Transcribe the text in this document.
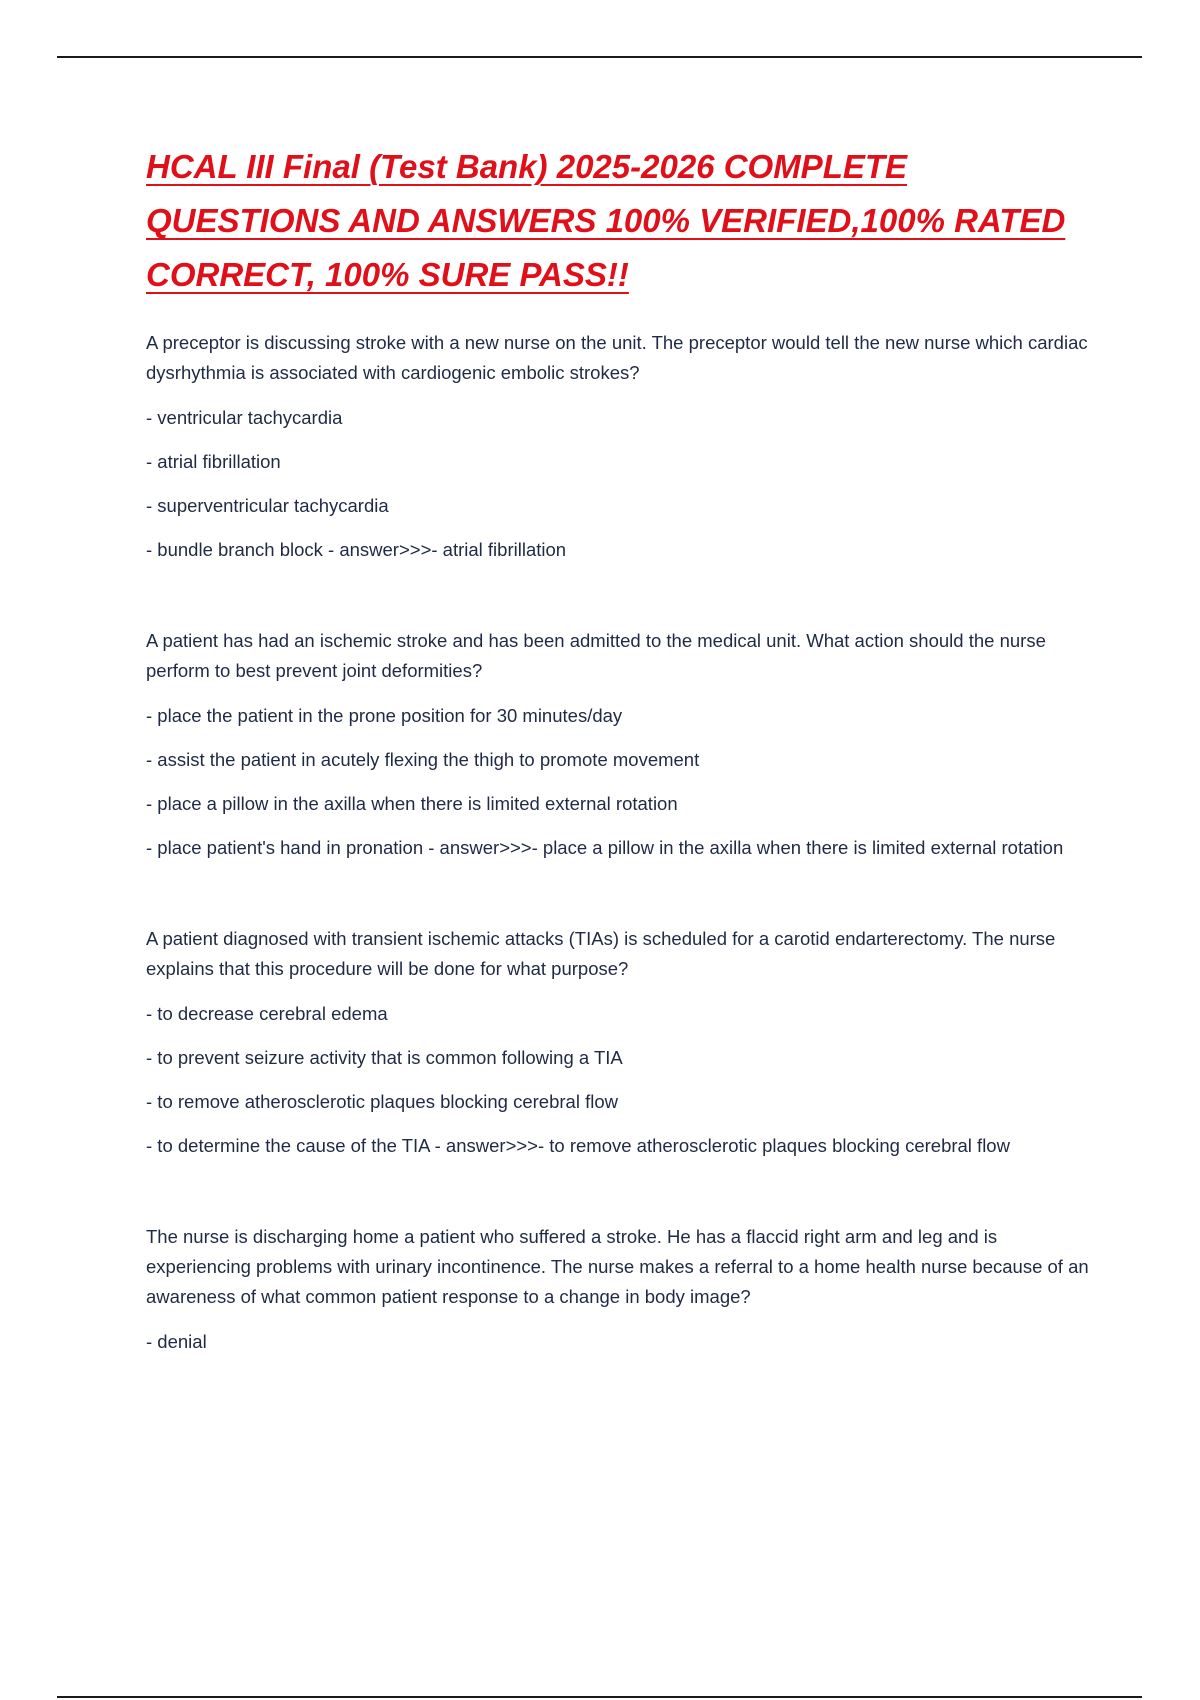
HCAL III Final (Test Bank) 2025-2026 COMPLETE QUESTIONS AND ANSWERS 100% VERIFIED,100% RATED CORRECT, 100% SURE PASS!!

A preceptor is discussing stroke with a new nurse on the unit. The preceptor would tell the new nurse which cardiac dysrhythmia is associated with cardiogenic embolic strokes?

- ventricular tachycardia

- atrial fibrillation

- superventricular tachycardia

- bundle branch block - answer>>>- atrial fibrillation

A patient has had an ischemic stroke and has been admitted to the medical unit. What action should the nurse perform to best prevent joint deformities?

- place the patient in the prone position for 30 minutes/day

- assist the patient in acutely flexing the thigh to promote movement

- place a pillow in the axilla when there is limited external rotation

- place patient's hand in pronation - answer>>>- place a pillow in the axilla when there is limited external rotation

A patient diagnosed with transient ischemic attacks (TIAs) is scheduled for a carotid endarterectomy. The nurse explains that this procedure will be done for what purpose?

- to decrease cerebral edema

- to prevent seizure activity that is common following a TIA

- to remove atherosclerotic plaques blocking cerebral flow

- to determine the cause of the TIA - answer>>>- to remove atherosclerotic plaques blocking cerebral flow

The nurse is discharging home a patient who suffered a stroke. He has a flaccid right arm and leg and is experiencing problems with urinary incontinence. The nurse makes a referral to a home health nurse because of an awareness of what common patient response to a change in body image?

- denial
